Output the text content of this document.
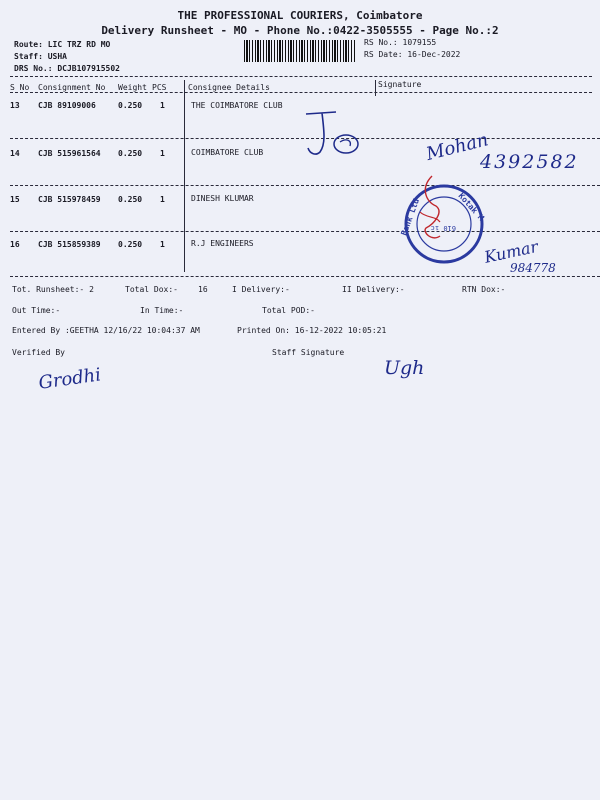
THE PROFESSIONAL COURIERS, Coimbatore
Delivery Runsheet - MO - Phone No.:0422-3505555 - Page No.:2
Route: LIC TRZ RD MO
Staff: USHA
DRS No.: DCJB107915502
RS No.: 1079155
RS Date: 16-Dec-2022
S No Consignment No Weight PCS	Consignee Details	Signature
13 CJB 89109006	0.250 1	THE COIMBATORE CLUB
14 CJB 515961564 0.250 1	COIMBATORE CLUB
15 CJB 515978459 0.250 1	DINESH KLUMAR
16 CJB 515859389 0.250 1	R.J ENGINEERS
Tot. Runsheet:- 2	Total Dox:-	16	I Delivery:-	II Delivery:-	RTN Dox:-
Out Time:-	In Time:-	Total POD:-
Entered By :GEETHA 12/16/22 10:04:37 AM	Printed On: 16-12-2022 10:05:21
Verified By	Staff Signature
Jo
Mohan
4392582
Kotak M
Bank Ltd 610 ic
Kumar
984778
Grodhi	Ugh
